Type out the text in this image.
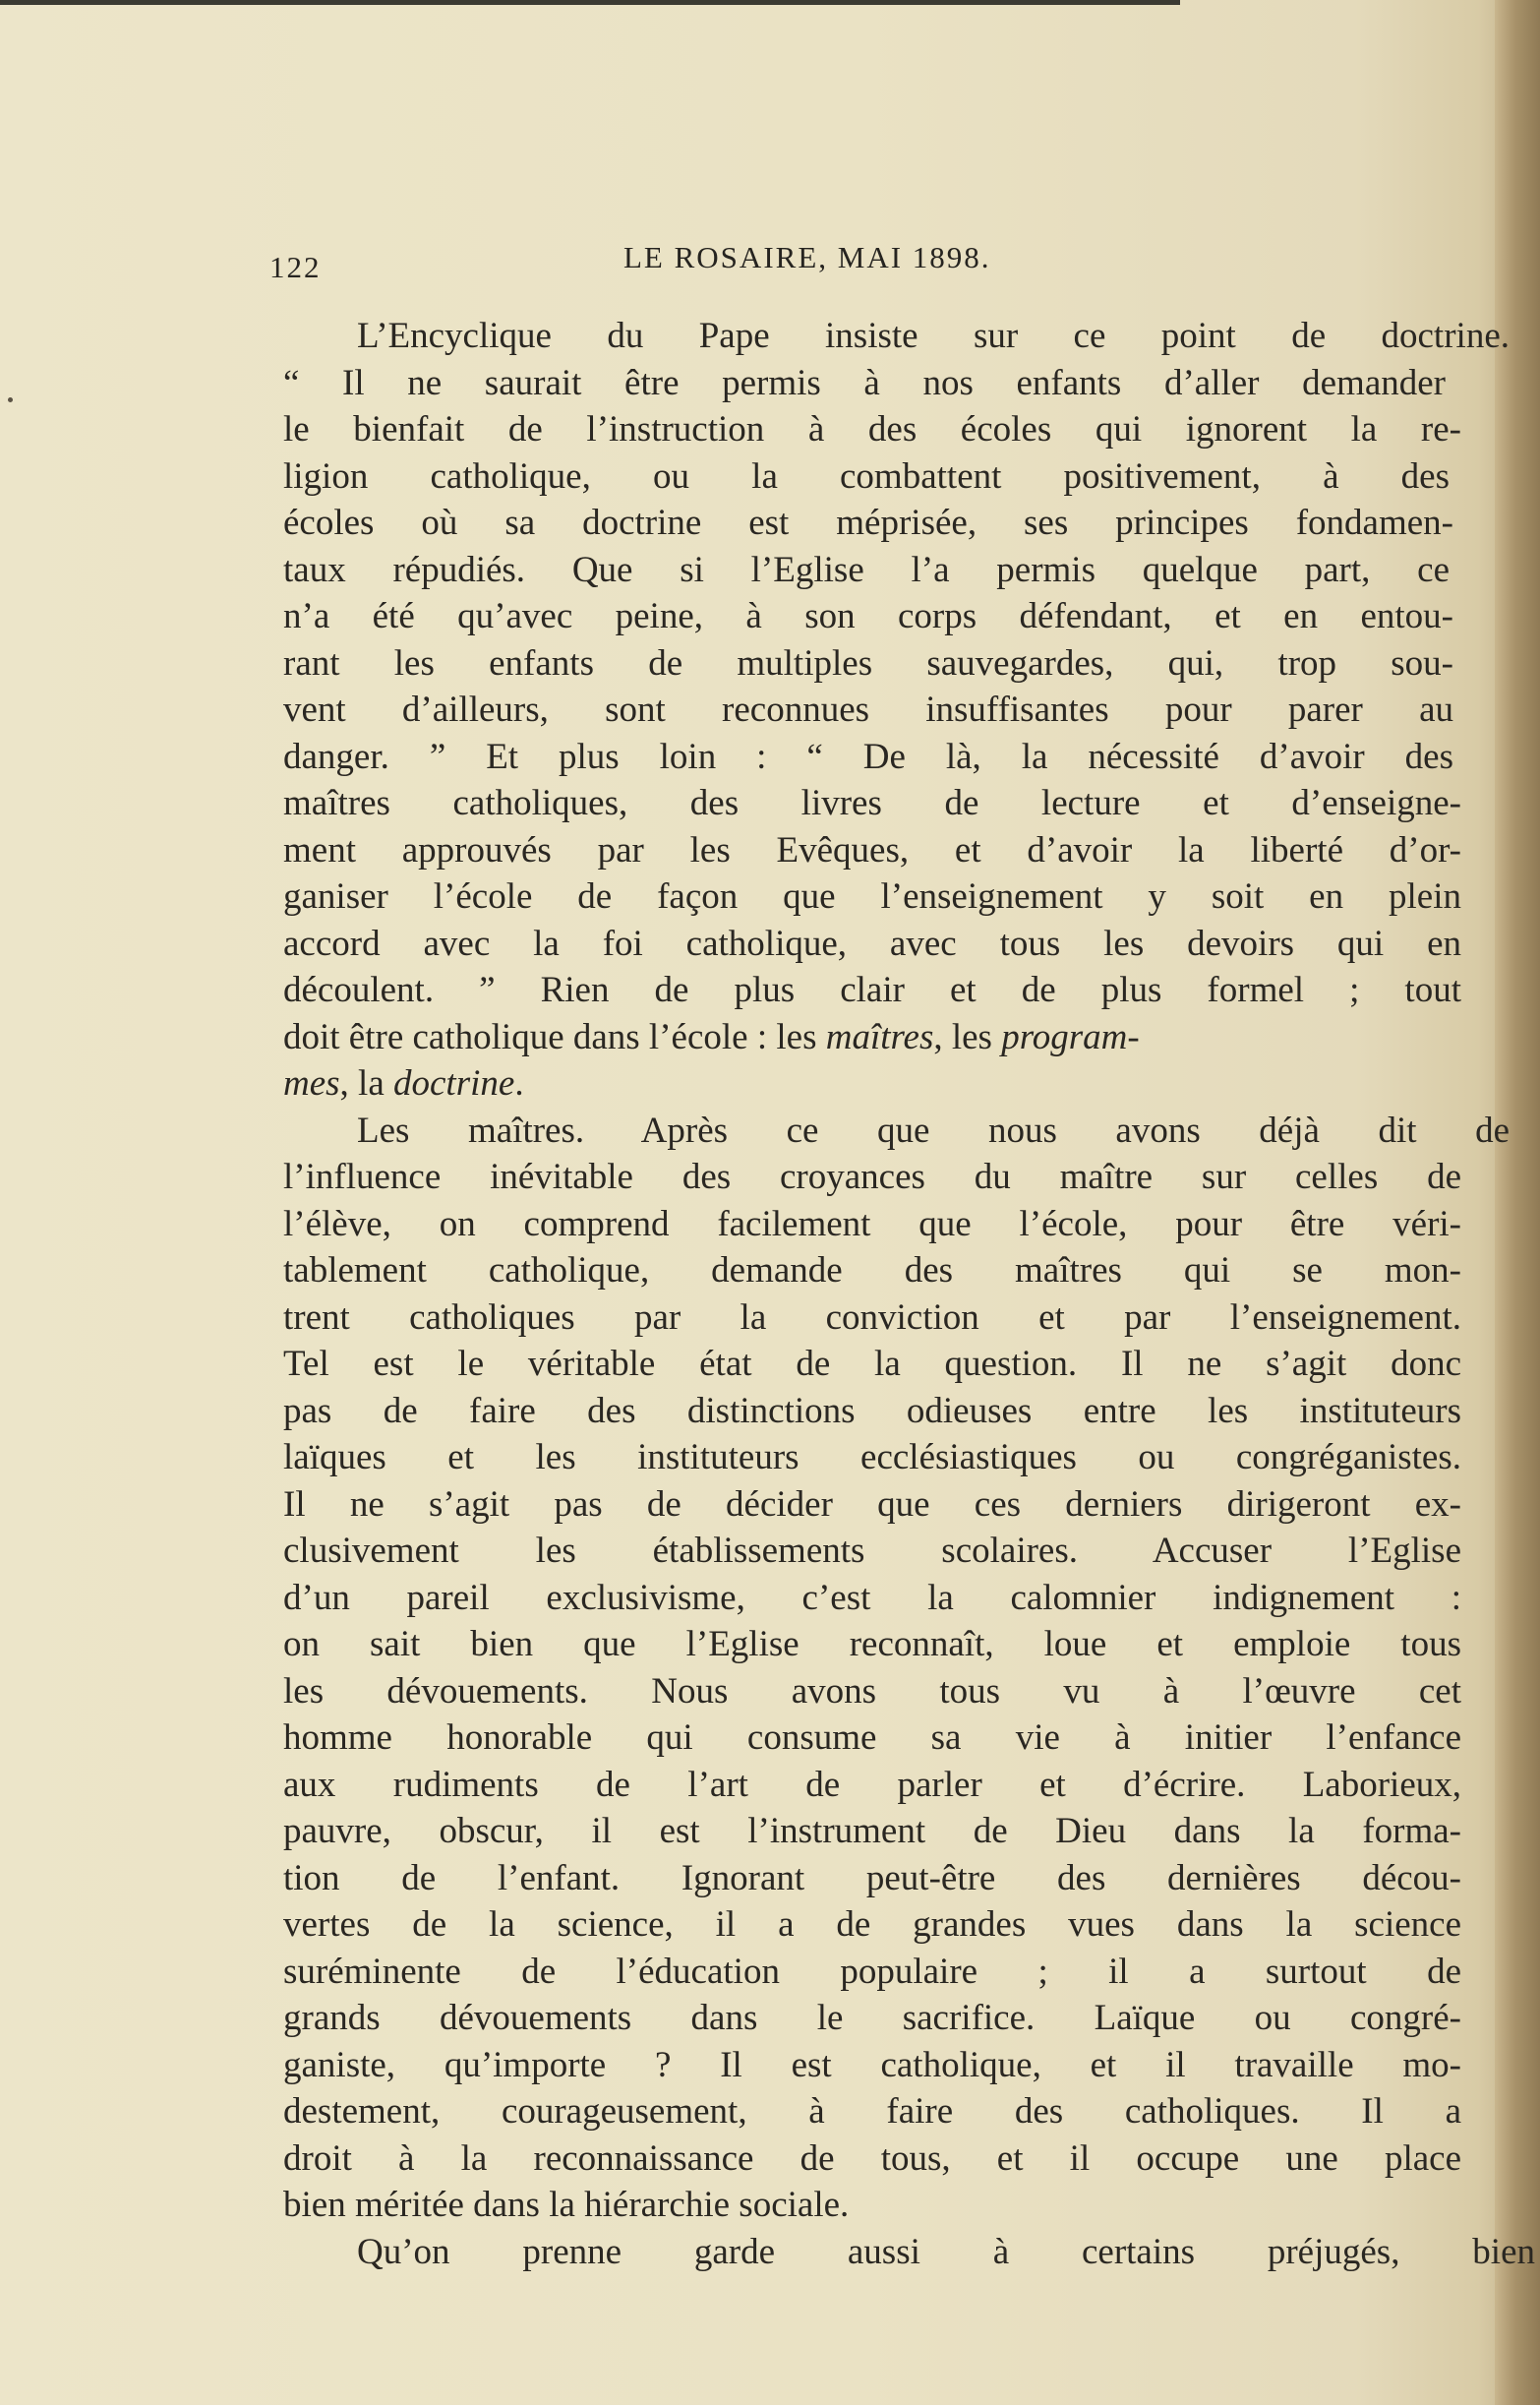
122	LE ROSAIRE, MAI 1898.
L’Encyclique du Pape insiste sur ce point de doctrine.
“ Il ne saurait être permis à nos enfants d’aller demander
le bienfait de l’instruction à des écoles qui ignorent la re-
ligion catholique, ou la combattent positivement, à des
écoles où sa doctrine est méprisée, ses principes fondamen-
taux répudiés. Que si l’Eglise l’a permis quelque part, ce
n’a été qu’avec peine, à son corps défendant, et en entou-
rant les enfants de multiples sauvegardes, qui, trop sou-
vent d’ailleurs, sont reconnues insuffisantes pour parer au
danger. ” Et plus loin : “ De là, la nécessité d’avoir des
maîtres catholiques, des livres de lecture et d’enseigne-
ment approuvés par les Evêques, et d’avoir la liberté d’or-
ganiser l’école de façon que l’enseignement y soit en plein
accord avec la foi catholique, avec tous les devoirs qui en
découlent. ” Rien de plus clair et de plus formel ; tout
doit être catholique dans l’école : les maîtres, les program-
mes, la doctrine.
Les maîtres. Après ce que nous avons déjà dit de
l’influence inévitable des croyances du maître sur celles de
l’élève, on comprend facilement que l’école, pour être véri-
tablement catholique, demande des maîtres qui se mon-
trent catholiques par la conviction et par l’enseignement.
Tel est le véritable état de la question. Il ne s’agit donc
pas de faire des distinctions odieuses entre les instituteurs
laïques et les instituteurs ecclésiastiques ou congréganistes.
Il ne s’agit pas de décider que ces derniers dirigeront ex-
clusivement les établissements scolaires. Accuser l’Eglise
d’un pareil exclusivisme, c’est la calomnier indignement :
on sait bien que l’Eglise reconnaît, loue et emploie tous
les dévouements. Nous avons tous vu à l’œuvre cet
homme honorable qui consume sa vie à initier l’enfance
aux rudiments de l’art de parler et d’écrire. Laborieux,
pauvre, obscur, il est l’instrument de Dieu dans la forma-
tion de l’enfant. Ignorant peut-être des dernières décou-
vertes de la science, il a de grandes vues dans la science
suréminente de l’éducation populaire ; il a surtout de
grands dévouements dans le sacrifice. Laïque ou congré-
ganiste, qu’importe ? Il est catholique, et il travaille mo-
destement, courageusement, à faire des catholiques. Il a
droit à la reconnaissance de tous, et il occupe une place
bien méritée dans la hiérarchie sociale.
Qu’on prenne garde aussi à certains préjugés, bien
